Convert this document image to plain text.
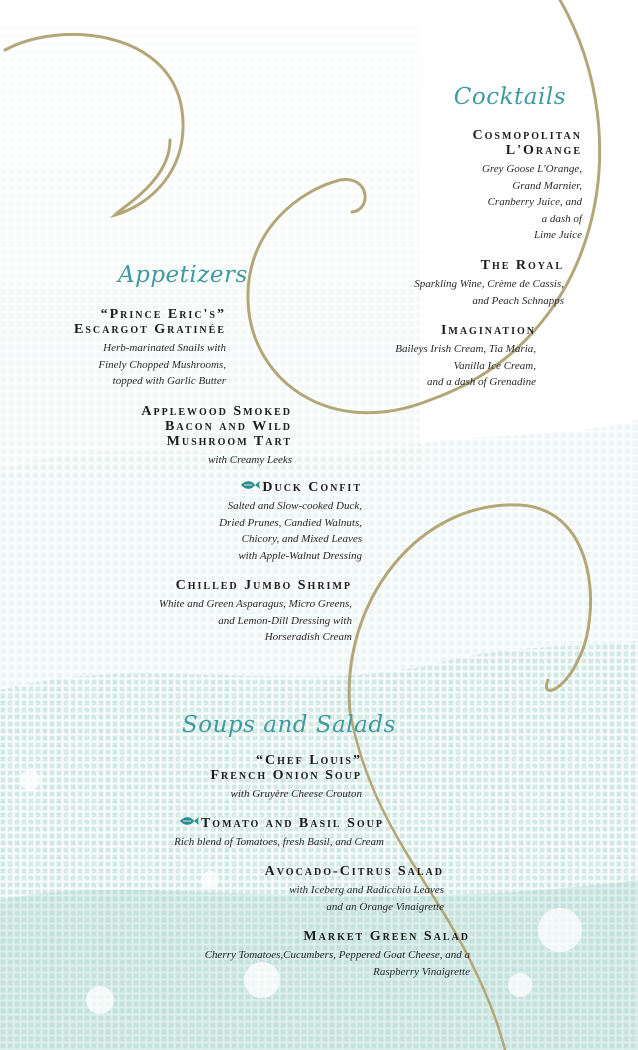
Cocktails
Cosmopolitan
L'Orange
Grey Goose L'Orange,
Grand Marnier,
Cranberry Juice, and
a dash of
Lime Juice
The Royal
Sparkling Wine, Crème de Cassis,
and Peach Schnapps
Imagination
Baileys Irish Cream, Tia Maria,
Vanilla Ice Cream,
and a dash of Grenadine
Appetizers
“Prince Eric's”
Escargot Gratinée
Herb-marinated Snails with
Finely Chopped Mushrooms,
topped with Garlic Butter
Applewood Smoked
Bacon and Wild
Mushroom Tart
with Creamy Leeks
Duck Confit
Salted and Slow-cooked Duck,
Dried Prunes, Candied Walnuts,
Chicory, and Mixed Leaves
with Apple-Walnut Dressing
Chilled Jumbo Shrimp
White and Green Asparagus, Micro Greens,
and Lemon-Dill Dressing with
Horseradish Cream
Soups and Salads
“Chef Louis”
French Onion Soup
with Gruyère Cheese Crouton
Tomato and Basil Soup
Rich blend of Tomatoes, fresh Basil, and Cream
Avocado-Citrus Salad
with Iceberg and Radicchio Leaves
and an Orange Vinaigrette
Market Green Salad
Cherry Tomatoes,Cucumbers, Peppered Goat Cheese, and a
Raspberry Vinaigrette
